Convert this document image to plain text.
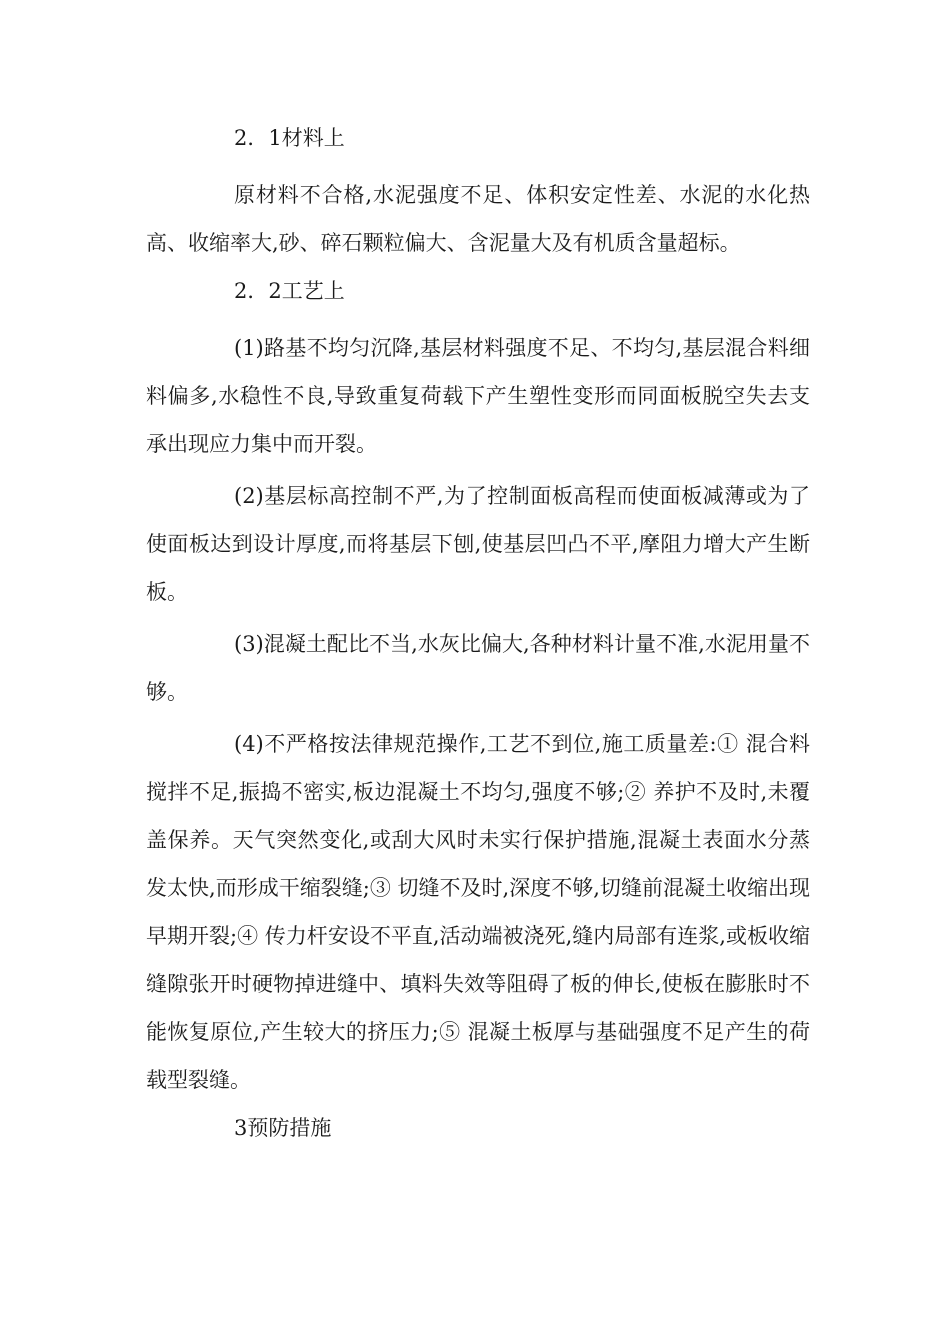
2．1材料上

原材料不合格,水泥强度不足、体积安定性差、水泥的水化热高、收缩率大,砂、碎石颗粒偏大、含泥量大及有机质含量超标。

2．2工艺上

(1)路基不均匀沉降,基层材料强度不足、不均匀,基层混合料细料偏多,水稳性不良,导致重复荷载下产生塑性变形而同面板脱空失去支承出现应力集中而开裂。

(2)基层标高控制不严,为了控制面板高程而使面板减薄或为了使面板达到设计厚度,而将基层下刨,使基层凹凸不平,摩阻力增大产生断板。

(3)混凝土配比不当,水灰比偏大,各种材料计量不准,水泥用量不够。

(4)不严格按法律规范操作,工艺不到位,施工质量差:① 混合料搅拌不足,振捣不密实,板边混凝土不均匀,强度不够;② 养护不及时,未覆盖保养。天气突然变化,或刮大风时未实行保护措施,混凝土表面水分蒸发太快,而形成干缩裂缝;③ 切缝不及时,深度不够,切缝前混凝土收缩出现早期开裂;④ 传力杆安设不平直,活动端被浇死,缝内局部有连浆,或板收缩缝隙张开时硬物掉进缝中、填料失效等阻碍了板的伸长,使板在膨胀时不能恢复原位,产生较大的挤压力;⑤ 混凝土板厚与基础强度不足产生的荷载型裂缝。

3预防措施
